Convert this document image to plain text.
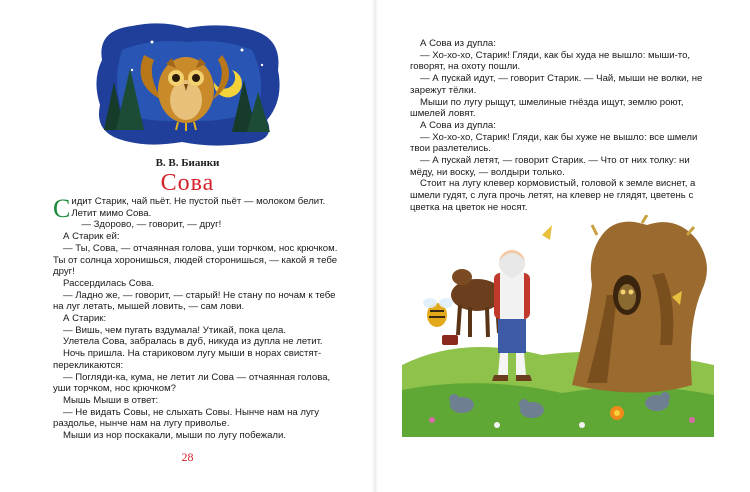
В. В. Бианки
Сова

Сидит Старик, чай пьёт. Не пустой пьёт — молоком белит. Летит мимо Сова.

— Здорово, — говорит, — друг!

А Старик ей:

— Ты, Сова, — отчаянная голова, уши торчком, нос крючком. Ты от солнца хоронишься, людей сторонишься, — какой я тебе друг!

Рассердилась Сова.

— Ладно же, — говорит, — старый! Не стану по ночам к тебе на луг летать, мышей ловить, — сам лови.

А Старик:

— Вишь, чем пугать вздумала! Утикай, пока цела.

Улетела Сова, забралась в дуб, никуда из дупла не летит.

Ночь пришла. На стариковом лугу мыши в норах свистят-перекликаются:

— Погляди-ка, кума, не летит ли Сова — отчаянная голова, уши торчком, нос крючком?

Мышь Мыши в ответ:

— Не видать Совы, не слыхать Совы. Нынче нам на лугу раздолье, нынче нам на лугу приволье.

Мыши из нор поскакали, мыши по лугу побежали.

28

А Сова из дупла:

— Хо-хо-хо, Старик! Гляди, как бы худа не вышло: мыши-то, говорят, на охоту пошли.

— А пускай идут, — говорит Старик. — Чай, мыши не волки, не зарежут тёлки.

Мыши по лугу рыщут, шмелиные гнёзда ищут, землю роют, шмелей ловят.

А Сова из дупла:

— Хо-хо-хо, Старик! Гляди, как бы хуже не вышло: все шмели твои разлетелись.

— А пускай летят, — говорит Старик. — Что от них толку: ни мёду, ни воску, — волдыри только.

Стоит на лугу клевер кормовистый, головой к земле виснет, а шмели гудят, с луга прочь летят, на клевер не глядят, цветень с цветка на цветок не носят.
